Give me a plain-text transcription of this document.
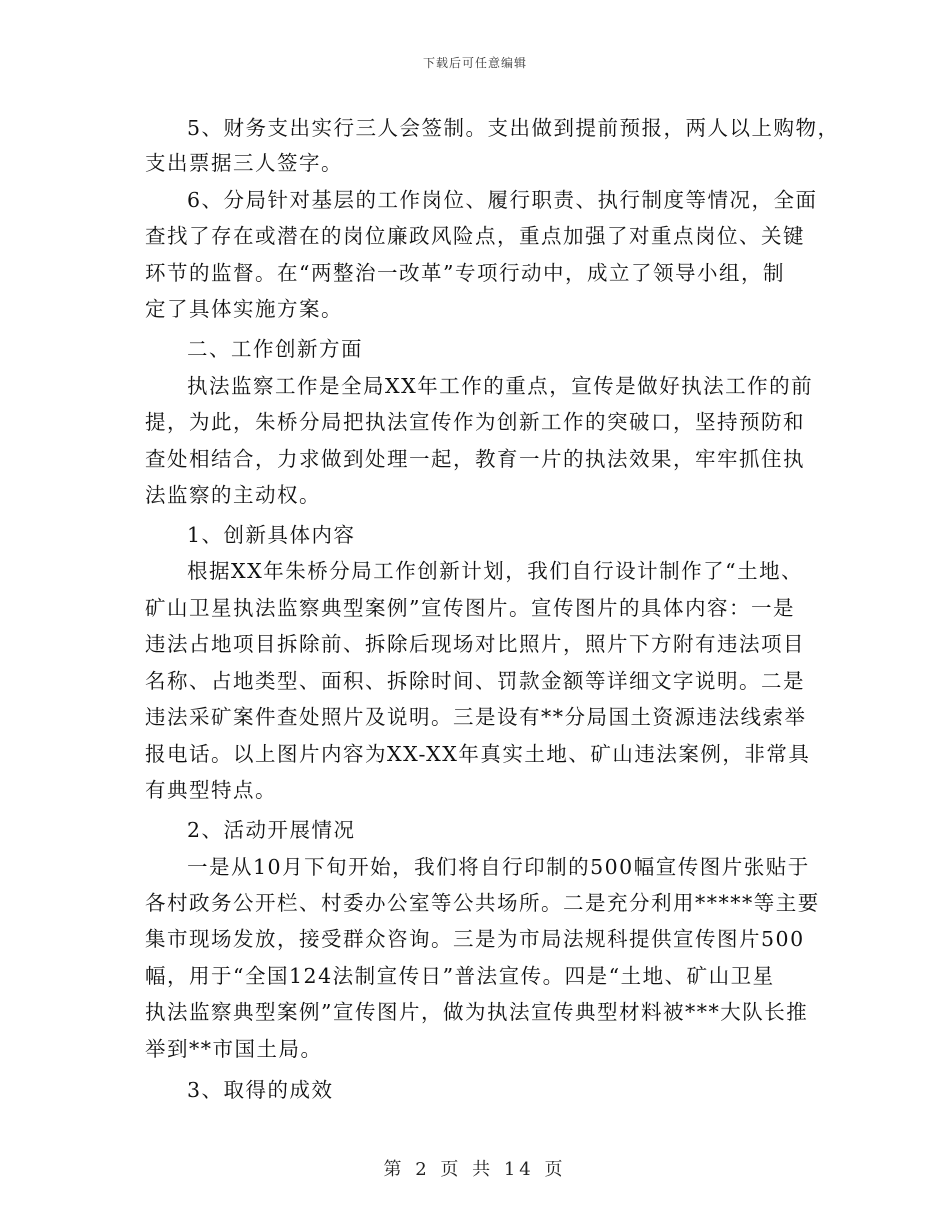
下载后可任意编辑
5、财务支出实行三人会签制。支出做到提前预报，两人以上购物，
支出票据三人签字。
6、分局针对基层的工作岗位、履行职责、执行制度等情况，全面
查找了存在或潜在的岗位廉政风险点，重点加强了对重点岗位、关键
环节的监督。在“两整治一改革”专项行动中，成立了领导小组，制
定了具体实施方案。
二、工作创新方面
执法监察工作是全局XX年工作的重点，宣传是做好执法工作的前
提，为此，朱桥分局把执法宣传作为创新工作的突破口，坚持预防和
查处相结合，力求做到处理一起，教育一片的执法效果，牢牢抓住执
法监察的主动权。
1、创新具体内容
根据XX年朱桥分局工作创新计划，我们自行设计制作了“土地、
矿山卫星执法监察典型案例”宣传图片。宣传图片的具体内容：一是
违法占地项目拆除前、拆除后现场对比照片，照片下方附有违法项目
名称、占地类型、面积、拆除时间、罚款金额等详细文字说明。二是
违法采矿案件查处照片及说明。三是设有**分局国土资源违法线索举
报电话。以上图片内容为XX-XX年真实土地、矿山违法案例，非常具
有典型特点。
2、活动开展情况
一是从10月下旬开始，我们将自行印制的500幅宣传图片张贴于
各村政务公开栏、村委办公室等公共场所。二是充分利用*****等主要
集市现场发放，接受群众咨询。三是为市局法规科提供宣传图片500
幅，用于“全国124法制宣传日”普法宣传。四是“土地、矿山卫星
执法监察典型案例”宣传图片，做为执法宣传典型材料被***大队长推
举到**市国土局。
3、取得的成效
第 2 页 共 14 页
